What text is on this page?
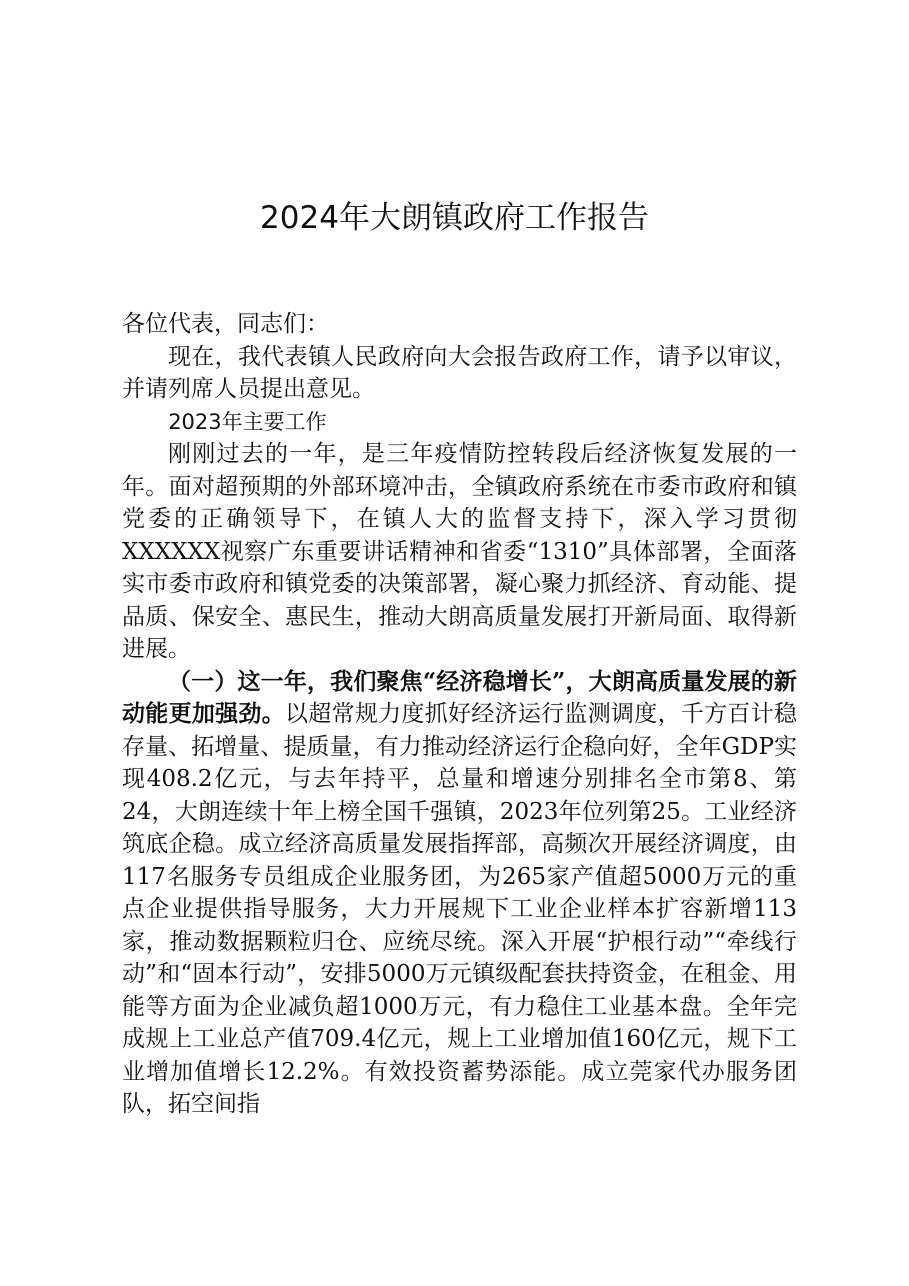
2024年大朗镇政府工作报告

各位代表，同志们：

现在，我代表镇人民政府向大会报告政府工作，请予以审议，并请列席人员提出意见。

2023年主要工作

刚刚过去的一年，是三年疫情防控转段后经济恢复发展的一年。面对超预期的外部环境冲击，全镇政府系统在市委市政府和镇党委的正确领导下，在镇人大的监督支持下，深入学习贯彻XXXXXX视察广东重要讲话精神和省委“1310”具体部署，全面落实市委市政府和镇党委的决策部署，凝心聚力抓经济、育动能、提品质、保安全、惠民生，推动大朗高质量发展打开新局面、取得新进展。

（一）这一年，我们聚焦“经济稳增长”，大朗高质量发展的新动能更加强劲。以超常规力度抓好经济运行监测调度，千方百计稳存量、拓增量、提质量，有力推动经济运行企稳向好，全年GDP实现408.2亿元，与去年持平，总量和增速分别排名全市第8、第24，大朗连续十年上榜全国千强镇，2023年位列第25。工业经济筑底企稳。成立经济高质量发展指挥部，高频次开展经济调度，由117名服务专员组成企业服务团，为265家产值超5000万元的重点企业提供指导服务，大力开展规下工业企业样本扩容新增113家，推动数据颗粒归仓、应统尽统。深入开展“护根行动”“牵线行动”和“固本行动”，安排5000万元镇级配套扶持资金，在租金、用能等方面为企业减负超1000万元，有力稳住工业基本盘。全年完成规上工业总产值709.4亿元，规上工业增加值160亿元，规下工业增加值增长12.2%。有效投资蓄势添能。成立莞家代办服务团队，拓空间指
